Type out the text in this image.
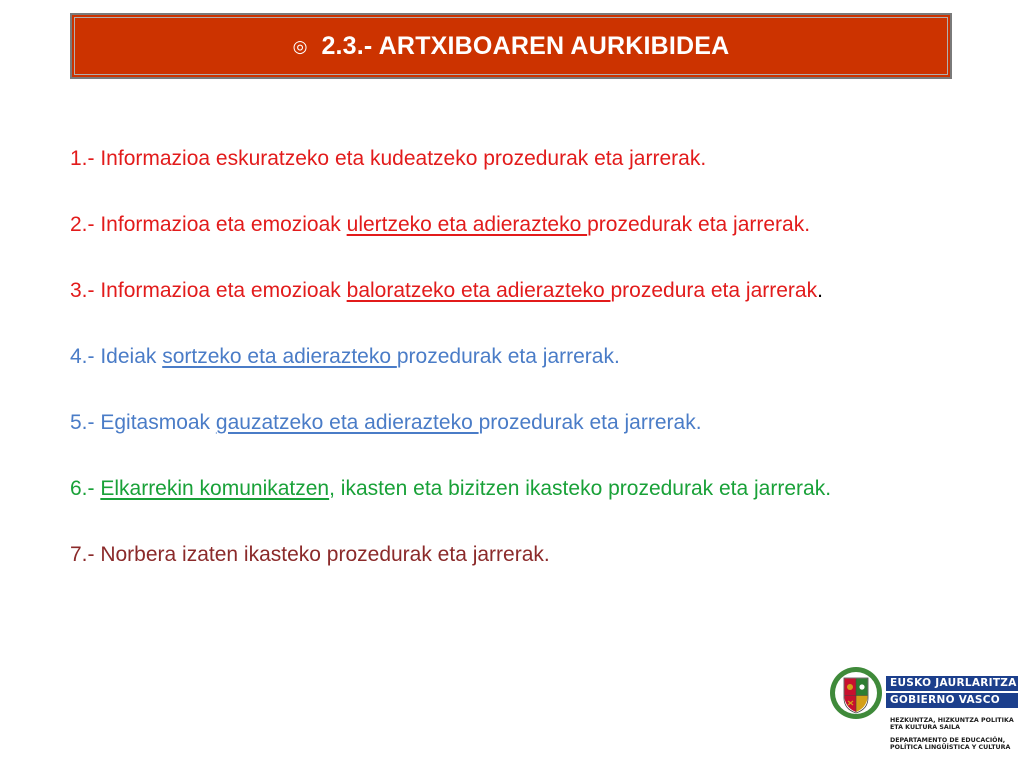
◎ 2.3.- ARTXIBOAREN AURKIBIDEA
1.- Informazioa eskuratzeko eta kudeatzeko prozedurak eta jarrerak.
2.- Informazioa eta emozioak ulertzeko eta adierazteko prozedurak eta jarrerak.
3.- Informazioa eta emozioak baloratzeko eta adierazteko prozedura eta jarrerak.
4.- Ideiak sortzeko eta adierazteko prozedurak eta jarrerak.
5.- Egitasmoak gauzatzeko eta adierazteko prozedurak eta jarrerak.
6.- Elkarrekin komunikatzen, ikasten eta bizitzen ikasteko prozedurak eta jarrerak.
7.- Norbera izaten ikasteko prozedurak eta jarrerak.
EUSKO JAURLARITZA
GOBIERNO VASCO
HEZKUNTZA, HIZKUNTZA POLITIKA
ETA KULTURA SAILA
DEPARTAMENTO DE EDUCACIÓN,
POLÍTICA LINGÜÍSTICA Y CULTURA
